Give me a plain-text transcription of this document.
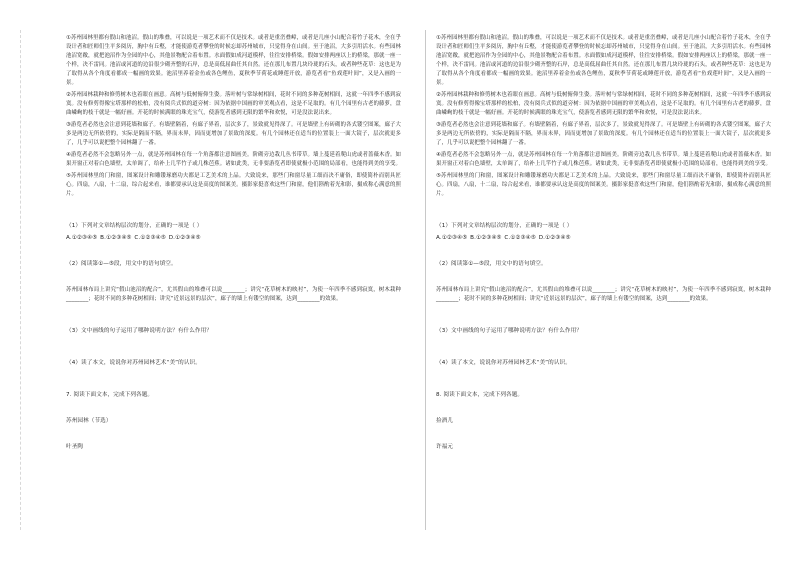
①苏州园林里都有假山和池沼。假山的堆叠，可以说是一项艺术而不仅是技术。或者是重峦叠嶂，或者是几座小山配合着竹子花木，全在乎设计者和匠师们生平多阅历，胸中有丘壑，才能使游览者攀登的时候忘却苏州城市，只觉得身在山间。至于池沼，大多引用活水。有些园林池沼宽敞，就把池沼作为全园的中心，其他景物配合着布置。水面假如成河道模样，往往安排桥梁。假如安排两座以上的桥梁，那就一座一个样，决不雷同。池沼或河道的边沿很少砌齐整的石岸，总是高低屈曲任其自然。还在那儿布置几块玲珑的石头，或者种些花草：这也是为了取得从各个角度看都成一幅画的效果。池沼里养着金鱼或各色鲤鱼，夏秋季节荷花或睡莲开放，游览者看“鱼戏莲叶间”，又是入画的一景。

②苏州园林栽种和修剪树木也着眼在画意。高树与低树俯仰生姿。落叶树与常绿树相间，花时不同的多种花树相间，这就一年四季不感到寂寞。没有修剪得像宝塔那样的松柏，没有阅兵式似的道旁树：因为依据中国画的审美观点看，这是不足取的。有几个园里有古老的藤萝，盘曲嶙峋的枝干就是一幅好画。开花的时候满眼的珠光宝气，使游览者感到无限的繁华和欢悦，可是没法说出来。

③游览者必然也会注意到花墙和廊子。有墙壁隔着，有廊子界着，层次多了，景致就见得深了。可是墙壁上有砖砌的各式镂空图案，廊子大多是两边无所依傍的，实际是隔而不隔，界而未界，因而更增加了景致的深度。有几个园林还在适当的位置装上一面大镜子，层次就更多了，几乎可以说把整个园林翻了一番。

④游览者必然不会忽略另外一点，就是苏州园林在每一个角落都注意图画美。阶砌旁边栽几丛书带草。墙上蔓延着爬山虎或者蔷薇木香。如果开窗正对着白色墙壁，太单调了，给补上几竿竹子或几株芭蕉。诸如此类，无非要游览者即使就极小范围的局部看，也能得到美的享受。

⑤苏州园林里的门和窗，图案设计和雕镂琢磨功夫都是工艺美术的上品。大致说来，那些门和窗尽量工细而决不庸俗，即使简朴而别具匠心。四扇，八扇，十二扇，综合起来看，谁都要承认这是高度的图案美。摄影家挺喜欢这些门和窗，他们斟酌着光和影，摄成称心满意的照片。

（1）下列对文章结构层次的划分，正确的一项是（ ）

A.①②③④⑤ B.①②③④⑤ C.①②③④⑤ D.①②③④⑤

（2）阅读第①—⑤段，用文中的语句填空。

苏州园林布局上讲究“假山池沼的配合”，尤其假山的堆叠可以说________；讲究“花草树木的映衬”，为使一年四季不感到寂寞，树木栽种________；花时不同的多种花树相间；讲究“近景远景的层次”，廊子的墙上有镂空的图案，达到________的效果。

（3）文中画线的句子运用了哪种说明方法？有什么作用？

（4）读了本文，说说你对苏州园林艺术“美”的认识。

7. 阅读下面文本，完成下列各题。

苏州园林（节选）

叶圣陶

①苏州园林里都有假山和池沼。假山的堆叠，可以说是一项艺术而不仅是技术。或者是重峦叠嶂，或者是几座小山配合着竹子花木，全在乎设计者和匠师们生平多阅历，胸中有丘壑，才能使游览者攀登的时候忘却苏州城市，只觉得身在山间。至于池沼，大多引用活水。有些园林池沼宽敞，就把池沼作为全园的中心，其他景物配合着布置。水面假如成河道模样，往往安排桥梁。假如安排两座以上的桥梁，那就一座一个样，决不雷同。池沼或河道的边沿很少砌齐整的石岸，总是高低屈曲任其自然。还在那儿布置几块玲珑的石头，或者种些花草：这也是为了取得从各个角度看都成一幅画的效果。池沼里养着金鱼或各色鲤鱼，夏秋季节荷花或睡莲开放，游览者看“鱼戏莲叶间”，又是入画的一景。

②苏州园林栽种和修剪树木也着眼在画意。高树与低树俯仰生姿。落叶树与常绿树相间，花时不同的多种花树相间，这就一年四季不感到寂寞。没有修剪得像宝塔那样的松柏，没有阅兵式似的道旁树：因为依据中国画的审美观点看，这是不足取的。有几个园里有古老的藤萝，盘曲嶙峋的枝干就是一幅好画。开花的时候满眼的珠光宝气，使游览者感到无限的繁华和欢悦，可是没法说出来。

③游览者必然也会注意到花墙和廊子。有墙壁隔着，有廊子界着，层次多了，景致就见得深了。可是墙壁上有砖砌的各式镂空图案，廊子大多是两边无所依傍的，实际是隔而不隔，界而未界，因而更增加了景致的深度。有几个园林还在适当的位置装上一面大镜子，层次就更多了，几乎可以说把整个园林翻了一番。

④游览者必然不会忽略另外一点，就是苏州园林在每一个角落都注意图画美。阶砌旁边栽几丛书带草。墙上蔓延着爬山虎或者蔷薇木香。如果开窗正对着白色墙壁，太单调了，给补上几竿竹子或几株芭蕉。诸如此类，无非要游览者即使就极小范围的局部看，也能得到美的享受。

⑤苏州园林里的门和窗，图案设计和雕镂琢磨功夫都是工艺美术的上品。大致说来，那些门和窗尽量工细而决不庸俗，即使简朴而别具匠心。四扇，八扇，十二扇，综合起来看，谁都要承认这是高度的图案美。摄影家挺喜欢这些门和窗，他们斟酌着光和影，摄成称心满意的照片。

（1）下列对文章结构层次的划分，正确的一项是（ ）

A.①②③④⑤ B.①②③④⑤ C.①②③④⑤ D.①②③④⑤

（2）阅读第①—⑤段，用文中的语句填空。

苏州园林布局上讲究“假山池沼的配合”，尤其假山的堆叠可以说________；讲究“花草树木的映衬”，为使一年四季不感到寂寞，树木栽种________；花时不同的多种花树相间；讲究“近景远景的层次”，廊子的墙上有镂空的图案，达到________的效果。

（3）文中画线的句子运用了哪种说明方法？有什么作用？

（4）读了本文，说说你对苏州园林艺术“美”的认识。

8. 阅读下面文本，完成下列各题。

捡酒儿

许福元
